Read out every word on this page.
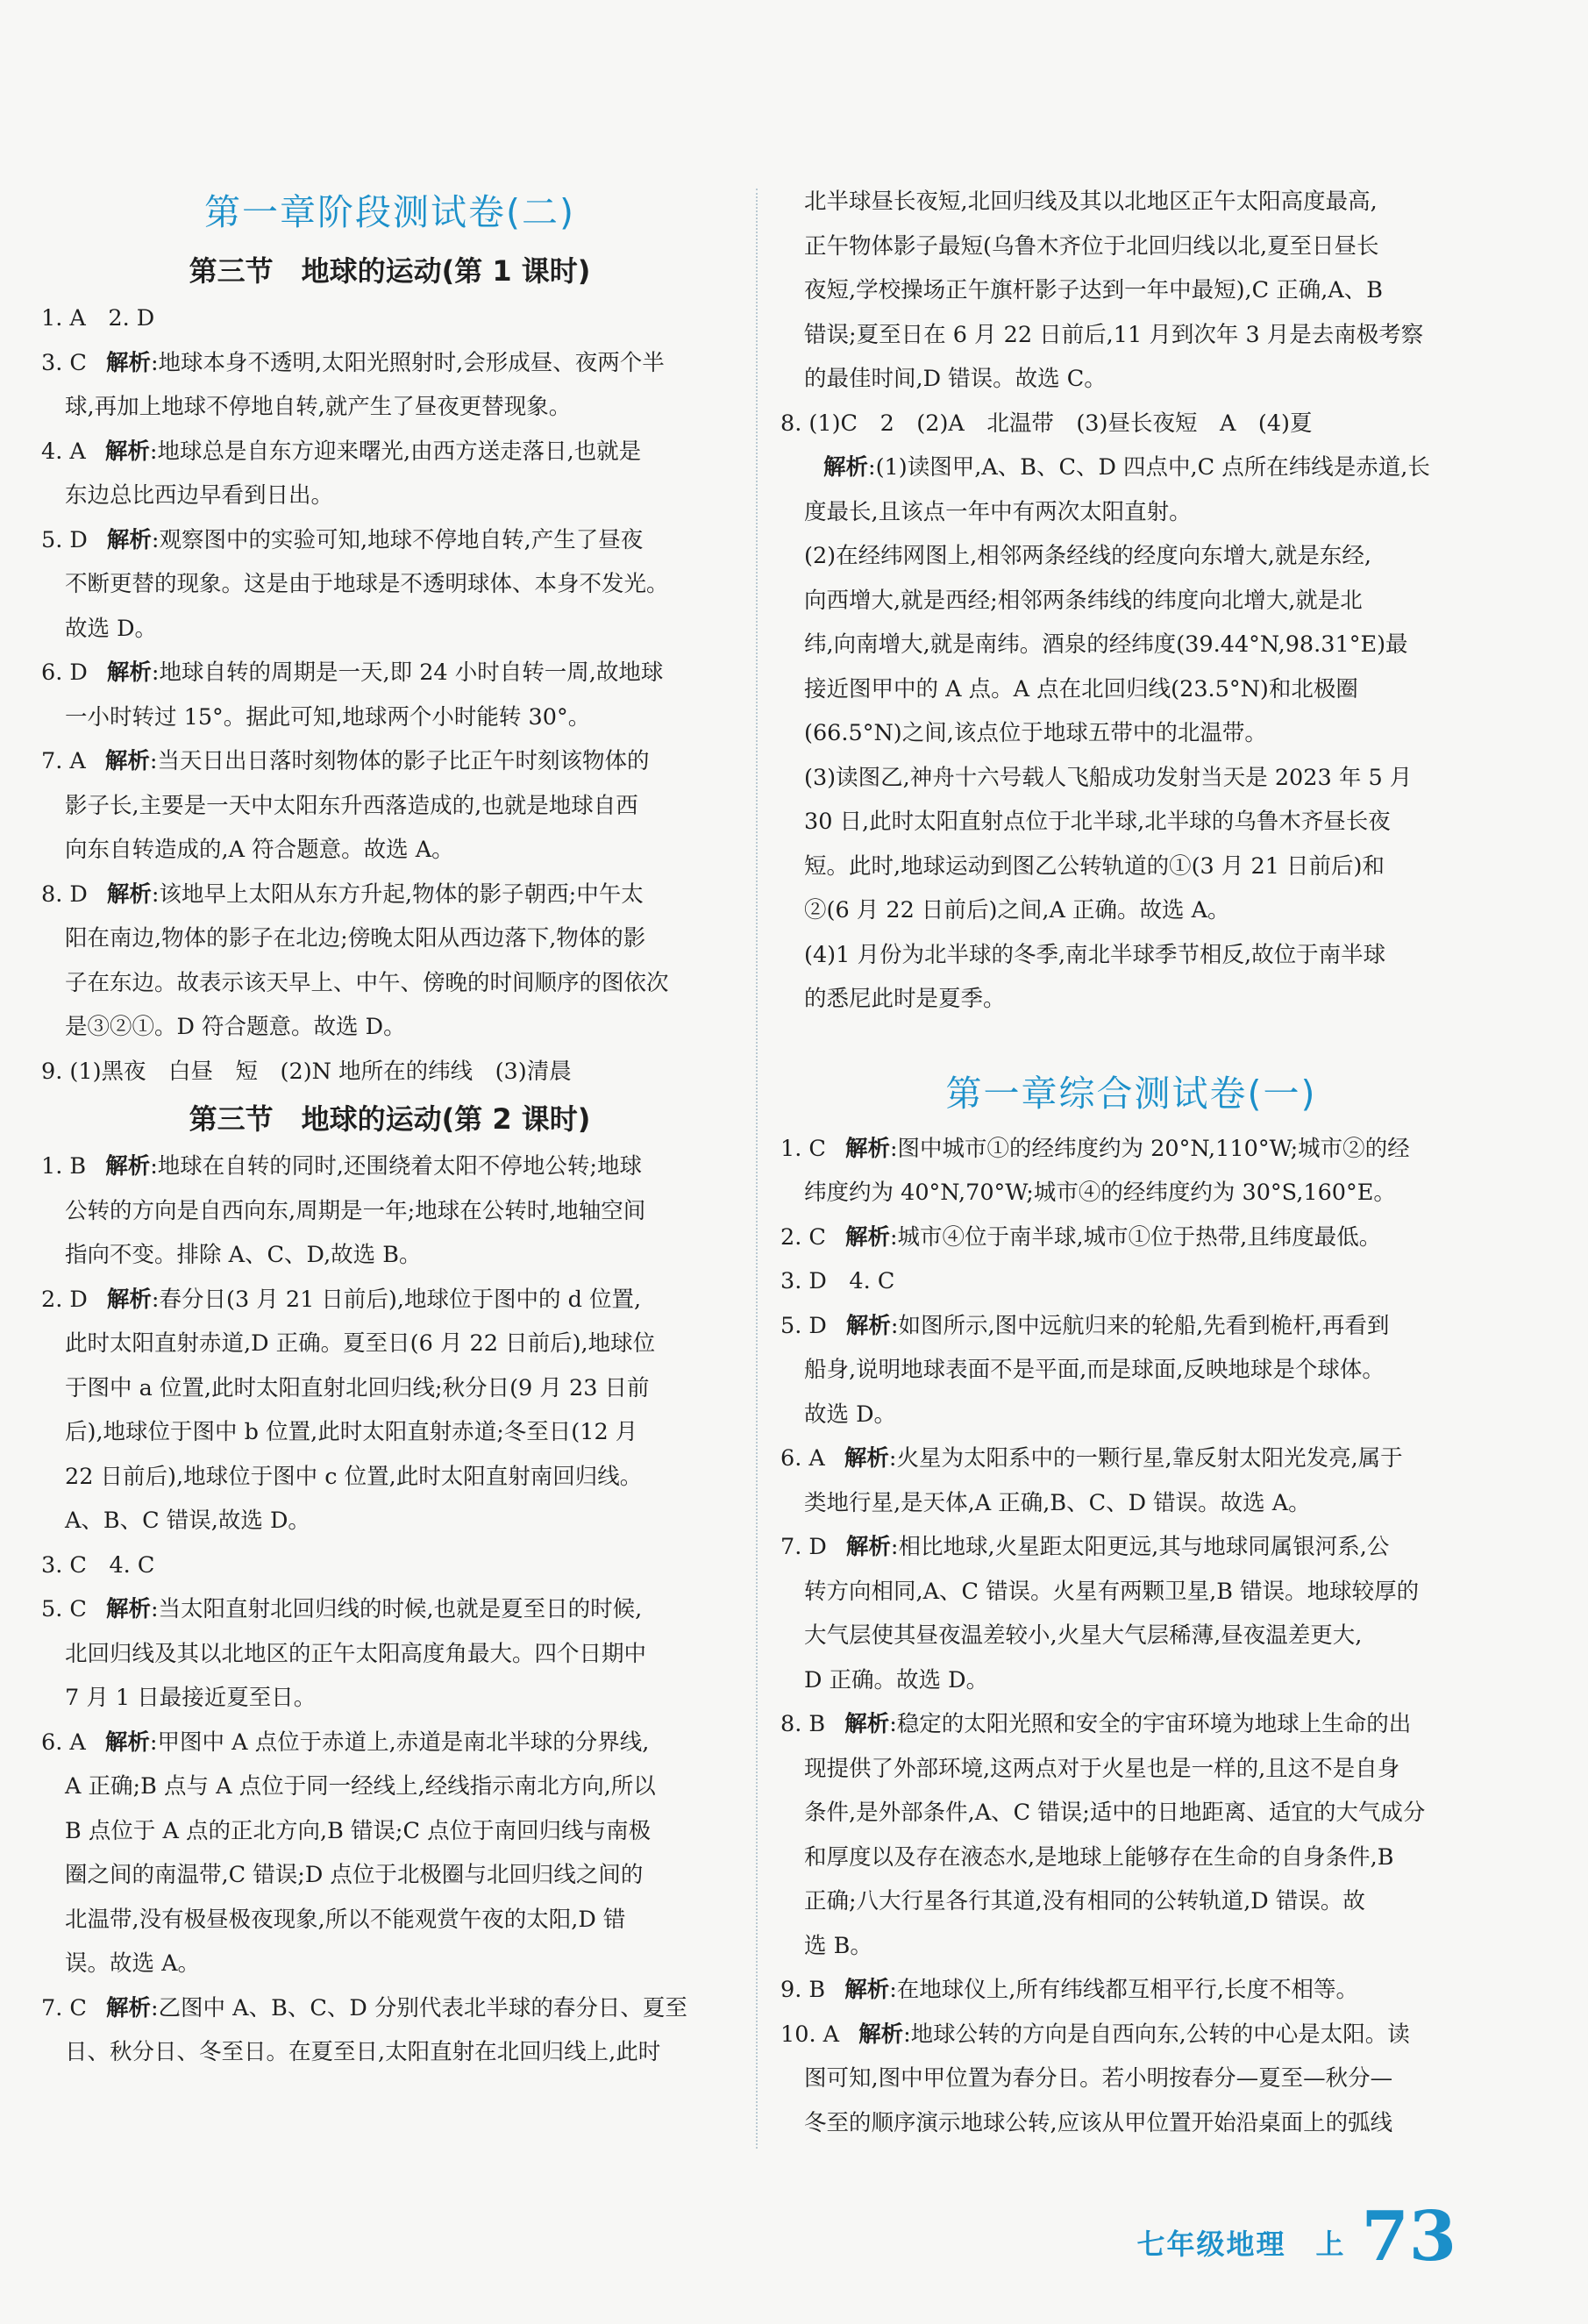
第一章阶段测试卷(二)
第三节　地球的运动(第 1 课时)
1. A　2. D
3. C 解析 :地球本身不透明,太阳光照射时,会形成昼、夜两个半
球,再加上地球不停地自转,就产生了昼夜更替现象。
4. A 解析 :地球总是自东方迎来曙光,由西方送走落日,也就是
东边总比西边早看到日出。
5. D 解析 :观察图中的实验可知,地球不停地自转,产生了昼夜
不断更替的现象。这是由于地球是不透明球体、本身不发光。
故选 D。
6. D 解析 :地球自转的周期是一天,即 24 小时自转一周,故地球
一小时转过 15°。据此可知,地球两个小时能转 30°。
7. A 解析 :当天日出日落时刻物体的影子比正午时刻该物体的
影子长,主要是一天中太阳东升西落造成的,也就是地球自西
向东自转造成的,A 符合题意。故选 A。
8. D 解析 :该地早上太阳从东方升起,物体的影子朝西;中午太
阳在南边,物体的影子在北边;傍晚太阳从西边落下,物体的影
子在东边。故表示该天早上、中午、傍晚的时间顺序的图依次
是③②①。D 符合题意。故选 D。
9. (1)黑夜　白昼　短　(2)N 地所在的纬线　(3)清晨
第三节　地球的运动(第 2 课时)
1. B 解析 :地球在自转的同时,还围绕着太阳不停地公转;地球
公转的方向是自西向东,周期是一年;地球在公转时,地轴空间
指向不变。排除 A、C、D,故选 B。
2. D 解析 :春分日(3 月 21 日前后),地球位于图中的 d 位置,
此时太阳直射赤道,D 正确。夏至日(6 月 22 日前后),地球位
于图中 a 位置,此时太阳直射北回归线;秋分日(9 月 23 日前
后),地球位于图中 b 位置,此时太阳直射赤道;冬至日(12 月
22 日前后),地球位于图中 c 位置,此时太阳直射南回归线。
A、B、C 错误,故选 D。
3. C　4. C
5. C 解析 :当太阳直射北回归线的时候,也就是夏至日的时候,
北回归线及其以北地区的正午太阳高度角最大。四个日期中
7 月 1 日最接近夏至日。
6. A 解析 :甲图中 A 点位于赤道上,赤道是南北半球的分界线,
A 正确;B 点与 A 点位于同一经线上,经线指示南北方向,所以
B 点位于 A 点的正北方向,B 错误;C 点位于南回归线与南极
圈之间的南温带,C 错误;D 点位于北极圈与北回归线之间的
北温带,没有极昼极夜现象,所以不能观赏午夜的太阳,D 错
误。故选 A。
7. C 解析 :乙图中 A、B、C、D 分别代表北半球的春分日、夏至
日、秋分日、冬至日。在夏至日,太阳直射在北回归线上,此时
北半球昼长夜短,北回归线及其以北地区正午太阳高度最高,
正午物体影子最短(乌鲁木齐位于北回归线以北,夏至日昼长
夜短,学校操场正午旗杆影子达到一年中最短),C 正确,A、B
错误;夏至日在 6 月 22 日前后,11 月到次年 3 月是去南极考察
的最佳时间,D 错误。故选 C。
8. (1)C　2　(2)A　北温带　(3)昼长夜短　A　(4)夏
解析:(1)读图甲,A、B、C、D 四点中,C 点所在纬线是赤道,长
度最长,且该点一年中有两次太阳直射。
(2)在经纬网图上,相邻两条经线的经度向东增大,就是东经,
向西增大,就是西经;相邻两条纬线的纬度向北增大,就是北
纬,向南增大,就是南纬。酒泉的经纬度(39.44°N,98.31°E)最
接近图甲中的 A 点。A 点在北回归线(23.5°N)和北极圈
(66.5°N)之间,该点位于地球五带中的北温带。
(3)读图乙,神舟十六号载人飞船成功发射当天是 2023 年 5 月
30 日,此时太阳直射点位于北半球,北半球的乌鲁木齐昼长夜
短。此时,地球运动到图乙公转轨道的①(3 月 21 日前后)和
②(6 月 22 日前后)之间,A 正确。故选 A。
(4)1 月份为北半球的冬季,南北半球季节相反,故位于南半球
的悉尼此时是夏季。
第一章综合测试卷(一)
1. C 解析 :图中城市①的经纬度约为 20°N,110°W;城市②的经
纬度约为 40°N,70°W;城市④的经纬度约为 30°S,160°E。
2. C 解析 :城市④位于南半球,城市①位于热带,且纬度最低。
3. D　4. C
5. D 解析 :如图所示,图中远航归来的轮船,先看到桅杆,再看到
船身,说明地球表面不是平面,而是球面,反映地球是个球体。
故选 D。
6. A 解析 :火星为太阳系中的一颗行星,靠反射太阳光发亮,属于
类地行星,是天体,A 正确,B、C、D 错误。故选 A。
7. D 解析 :相比地球,火星距太阳更远,其与地球同属银河系,公
转方向相同,A、C 错误。火星有两颗卫星,B 错误。地球较厚的
大气层使其昼夜温差较小,火星大气层稀薄,昼夜温差更大,
D 正确。故选 D。
8. B 解析 :稳定的太阳光照和安全的宇宙环境为地球上生命的出
现提供了外部环境,这两点对于火星也是一样的,且这不是自身
条件,是外部条件,A、C 错误;适中的日地距离、适宜的大气成分
和厚度以及存在液态水,是地球上能够存在生命的自身条件,B
正确;八大行星各行其道,没有相同的公转轨道,D 错误。故
选 B。
9. B 解析 :在地球仪上,所有纬线都互相平行,长度不相等。
10. A 解析 :地球公转的方向是自西向东,公转的中心是太阳。读
图可知,图中甲位置为春分日。若小明按春分—夏至—秋分—
冬至的顺序演示地球公转,应该从甲位置开始沿桌面上的弧线
七年级地理　上 73
